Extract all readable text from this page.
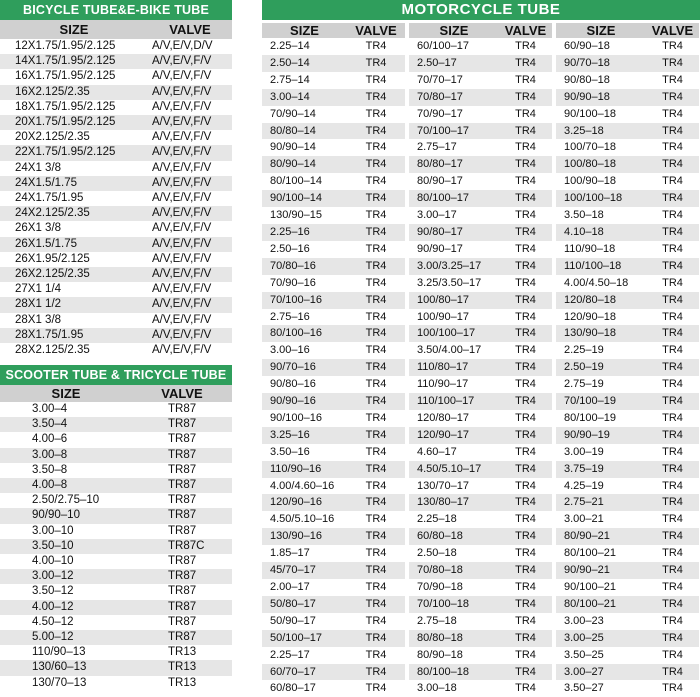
BICYCLE TUBE&E-BIKE TUBE
SIZE	VALVE
12X1.75/1.95/2.125	A/V,E/V,D/V
14X1.75/1.95/2.125	A/V,E/V,F/V
16X1.75/1.95/2.125	A/V,E/V,F/V
16X2.125/2.35	A/V,E/V,F/V
18X1.75/1.95/2.125	A/V,E/V,F/V
20X1.75/1.95/2.125	A/V,E/V,F/V
20X2.125/2.35	A/V,E/V,F/V
22X1.75/1.95/2.125	A/V,E/V,F/V
24X1 3/8	A/V,E/V,F/V
24X1.5/1.75	A/V,E/V,F/V
24X1.75/1.95	A/V,E/V,F/V
24X2.125/2.35	A/V,E/V,F/V
26X1 3/8	A/V,E/V,F/V
26X1.5/1.75	A/V,E/V,F/V
26X1.95/2.125	A/V,E/V,F/V
26X2.125/2.35	A/V,E/V,F/V
27X1 1/4	A/V,E/V,F/V
28X1 1/2	A/V,E/V,F/V
28X1 3/8	A/V,E/V,F/V
28X1.75/1.95	A/V,E/V,F/V
28X2.125/2.35	A/V,E/V,F/V
SCOOTER TUBE & TRICYCLE TUBE
SIZE	VALVE
3.00–4	TR87
3.50–4	TR87
4.00–6	TR87
3.00–8	TR87
3.50–8	TR87
4.00–8	TR87
2.50/2.75–10	TR87
90/90–10	TR87
3.00–10	TR87
3.50–10	TR87C
4.00–10	TR87
3.00–12	TR87
3.50–12	TR87
4.00–12	TR87
4.50–12	TR87
5.00–12	TR87
110/90–13	TR13
130/60–13	TR13
130/70–13	TR13
MOTORCYCLE TUBE
SIZE	VALVE
2.25–14	TR4
2.50–14	TR4
2.75–14	TR4
3.00–14	TR4
70/90–14	TR4
80/80–14	TR4
90/90–14	TR4
80/90–14	TR4
80/100–14	TR4
90/100–14	TR4
130/90–15	TR4
2.25–16	TR4
2.50–16	TR4
70/80–16	TR4
70/90–16	TR4
70/100–16	TR4
2.75–16	TR4
80/100–16	TR4
3.00–16	TR4
90/70–16	TR4
90/80–16	TR4
90/90–16	TR4
90/100–16	TR4
3.25–16	TR4
3.50–16	TR4
110/90–16	TR4
4.00/4.60–16	TR4
120/90–16	TR4
4.50/5.10–16	TR4
130/90–16	TR4
1.85–17	TR4
45/70–17	TR4
2.00–17	TR4
50/80–17	TR4
50/90–17	TR4
50/100–17	TR4
2.25–17	TR4
60/70–17	TR4
60/80–17	TR4
SIZE	VALVE
60/100–17	TR4
2.50–17	TR4
70/70–17	TR4
70/80–17	TR4
70/90–17	TR4
70/100–17	TR4
2.75–17	TR4
80/80–17	TR4
80/90–17	TR4
80/100–17	TR4
3.00–17	TR4
90/80–17	TR4
90/90–17	TR4
3.00/3.25–17	TR4
3.25/3.50–17	TR4
100/80–17	TR4
100/90–17	TR4
100/100–17	TR4
3.50/4.00–17	TR4
110/80–17	TR4
110/90–17	TR4
110/100–17	TR4
120/80–17	TR4
120/90–17	TR4
4.60–17	TR4
4.50/5.10–17	TR4
130/70–17	TR4
130/80–17	TR4
2.25–18	TR4
60/80–18	TR4
2.50–18	TR4
70/80–18	TR4
70/90–18	TR4
70/100–18	TR4
2.75–18	TR4
80/80–18	TR4
80/90–18	TR4
80/100–18	TR4
3.00–18	TR4
SIZE	VALVE
60/90–18	TR4
90/70–18	TR4
90/80–18	TR4
90/90–18	TR4
90/100–18	TR4
3.25–18	TR4
100/70–18	TR4
100/80–18	TR4
100/90–18	TR4
100/100–18	TR4
3.50–18	TR4
4.10–18	TR4
110/90–18	TR4
110/100–18	TR4
4.00/4.50–18	TR4
120/80–18	TR4
120/90–18	TR4
130/90–18	TR4
2.25–19	TR4
2.50–19	TR4
2.75–19	TR4
70/100–19	TR4
80/100–19	TR4
90/90–19	TR4
3.00–19	TR4
3.75–19	TR4
4.25–19	TR4
2.75–21	TR4
3.00–21	TR4
80/90–21	TR4
80/100–21	TR4
90/90–21	TR4
90/100–21	TR4
80/100–21	TR4
3.00–23	TR4
3.00–25	TR4
3.50–25	TR4
3.00–27	TR4
3.50–27	TR4
